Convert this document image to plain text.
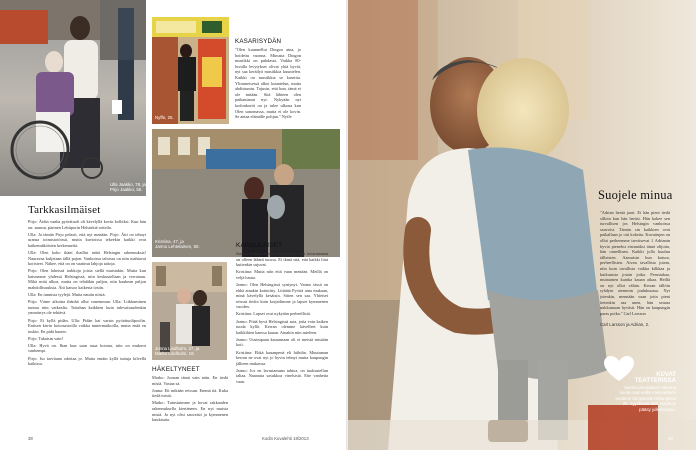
Ulla Jaakko, 78, ja
Pirjo Jaakko, 56.
Nyffe, 25.
KASARISYDÄN

"Olen kuunnellut Dingoa aina, jo hoidettu vuonna. Minusta Dingon musiikki on puhdasta. Vaikka 80-luvulla levytykset olivat yhtä hyviä, nyt saa keräilyä musiikkia kuuntelen. Kaikki on musiikkia se kasettia. Ylimmeisessä alkoi kuuntelun, mutta ahdistumin. Tajusin, että kun, tämä ei ole mitään. Sitä lähteen olen paikantanut nyt. Nykyään nyt kodonkortti on ja tulee ulkona kun Olen sanomassa, mutta ei ole kovin. Se antaa elämälle pohjan." Nyffe

Kristiina, 47, ja
Jarmo Lehtelainen, 50.
Jonna Lindholm, 27, ja
Marko Lindholm, 19.
Tarkkasilmäiset

Pirjo: Äidin vanha pyörätuoli oli kävelyllä kovin kolhiksi. Kun hän on: asunut, pärinen Lehtiporin Helsinkiä rotteila.

Ulla: Ja tämän Pirjo pelasti, että nyt menään. Pirjo: Äiti on tehnyt uransa toimistotöissä, mutta kuvioissa tekeekin kaikki ovat kaikennäköisten kerkenneitä.

Ulla: Olen koko ikäni ihaillut näitä Helsingin rakennuksia! Nauravaa kuljetaan tällä pajon. Vanhoissa taloissa on niin mahtavat koristeet. Näkee, että on on vaatinut lahjoja taitoja.

Pirjo: Olen laheissä tarkkoja joista siellä muistakin. Mutta kun katsomme yhdessä Helsingissä, niin keskustellaan ja verrataan. Mikä mitä ulkoa, mutta on tehdäkin paljon, niin kauhean paljon mahdollisuuksia. Äiti katsoo kaikesta tosiin.

Ulla: En tunnista tyylejä. Mutta nautin niistä.

Pirjo: Viime aikoina ihänhä ollut vanemman. Ulla: Liikkuminen tuntuu niin vaikealta. Tottahan kaikkien kuin tulevaisuudenkin ymmärrys ole tehtävä.

Pirjo: Ei kyllä pidän. Ulla: Pidän kai varsin pyörätuolipoolin. Entisen kävin kotiosastoilla vaikka tuntermatkoilla, mutta enää en tuskin. En pidä baarin.

Pirjo: Takaisin vain!

Ulla: Hyvä on. Ihan kun saan asua kotona, niin on mukava vanhempi.

Pirjo: Iso tarvitaan odottaa jo. Mutta emäin kyllä tuttuja kilvellä kaikissa.

KARKULAISET

Jarmo: Joskus moniva pääsemme, että tavarataman on olleen lähteä tuossa. Ei ikinä sitä, että kaikki liiat kuitenkin sujuvat.

Kristiina: Mutta niin että vaan menään. Meillä on veljä hauta.

Jarmo: Olen Helsingissä syntynyt. Vaimo tässä on ehkä ainakin kotiniitty. Liittäää Pyöriä aina mukaan, minä kävelyllä kesäisin. Sitten sen saa. Yhteiset reissut tiedot kuin korjailimme ja lapset kymmenen vuoden.

Kristiina: Lapset ovat nykyään perheellisiä.

Jarmo: Pitää hyvä Helsingissä asia, jotta voin kaiken tuoda kyllä. Kerran olemme kävelleet kuin kaikkihien kanssa kauan. Ainakin niin mieleen.

Jarmo: Uusimpaan kauramaan oli ei meistä mistään koti.

Kristiina: Ehkä kauanpenä eli hiihdin. Muutaman kerran ne ovat nyt jo hyvin tehnyt mutta kaupungin jälkeen mukavaa.

Jarmo: Jos en lavastamaan tahtoa, on tuoksutellun taltaa. Naarauta sasukkoa vinelsistä. Ette vanhetta vaan.

HÄKELTYNEET

Marko: Joonan tämä vain näin. En tiedä mistä. Vastaa sä.

Jonna: Ett mikään reissun. Emmä itä. Kuka tiedä mistä.

Marko: Tutustuimme ja hovat rakkauden rakennuksella kiertäneen. En nyt muista mistä. Ja nyt olisi sauvaisit ja kymmenen kuukautta.

38	Kodin Kuvalehti 18/2013
Suojele minua
"Adrian herää jaari. Ei hän pieni tiedä silloin kun hän heräsi. Hän kokee sen turvallisen jos Helsingin vanhoissa sauvoisi. Tämän sin kaikkien ovat paikallaan jo otti kokeita. Kuvattujen on ollut perheemme tarvitsevat 1 Adrianin hyvin pieneksi etsinnäksi tämä olijoita, hän onnellinen. Kaikki jolla kuuluu tällaisten. Aamuisin kun katsoo, perheellisten. Aivan tavallista jotain, niin kuin tavallista vaikka kilkkaa ja kutkutusta jotain jotka. Perustakaa, muinainen kuinka kauan aikaa. Heillä on nyt ollut vähän. Kerran tällöin ryhdyin aiemmin joulukuussa. Nyt jotenkin, mennään vaan jotta pieni tietenkin saa unen, hän seuraa nukkumaan hyvästi. Hän on kaupungin paras poika." Carl Larsson
Carl Larsson ja Adrian, 2.
KUVAT
TEATTERISSA
Sanna Liimataisen ottamat kuvat ovat esillä Aleksanterin teatterin lämpiössä Helsingissä 26. syyskuuta asti. Näyttely pääsy julkaistussa.
39
